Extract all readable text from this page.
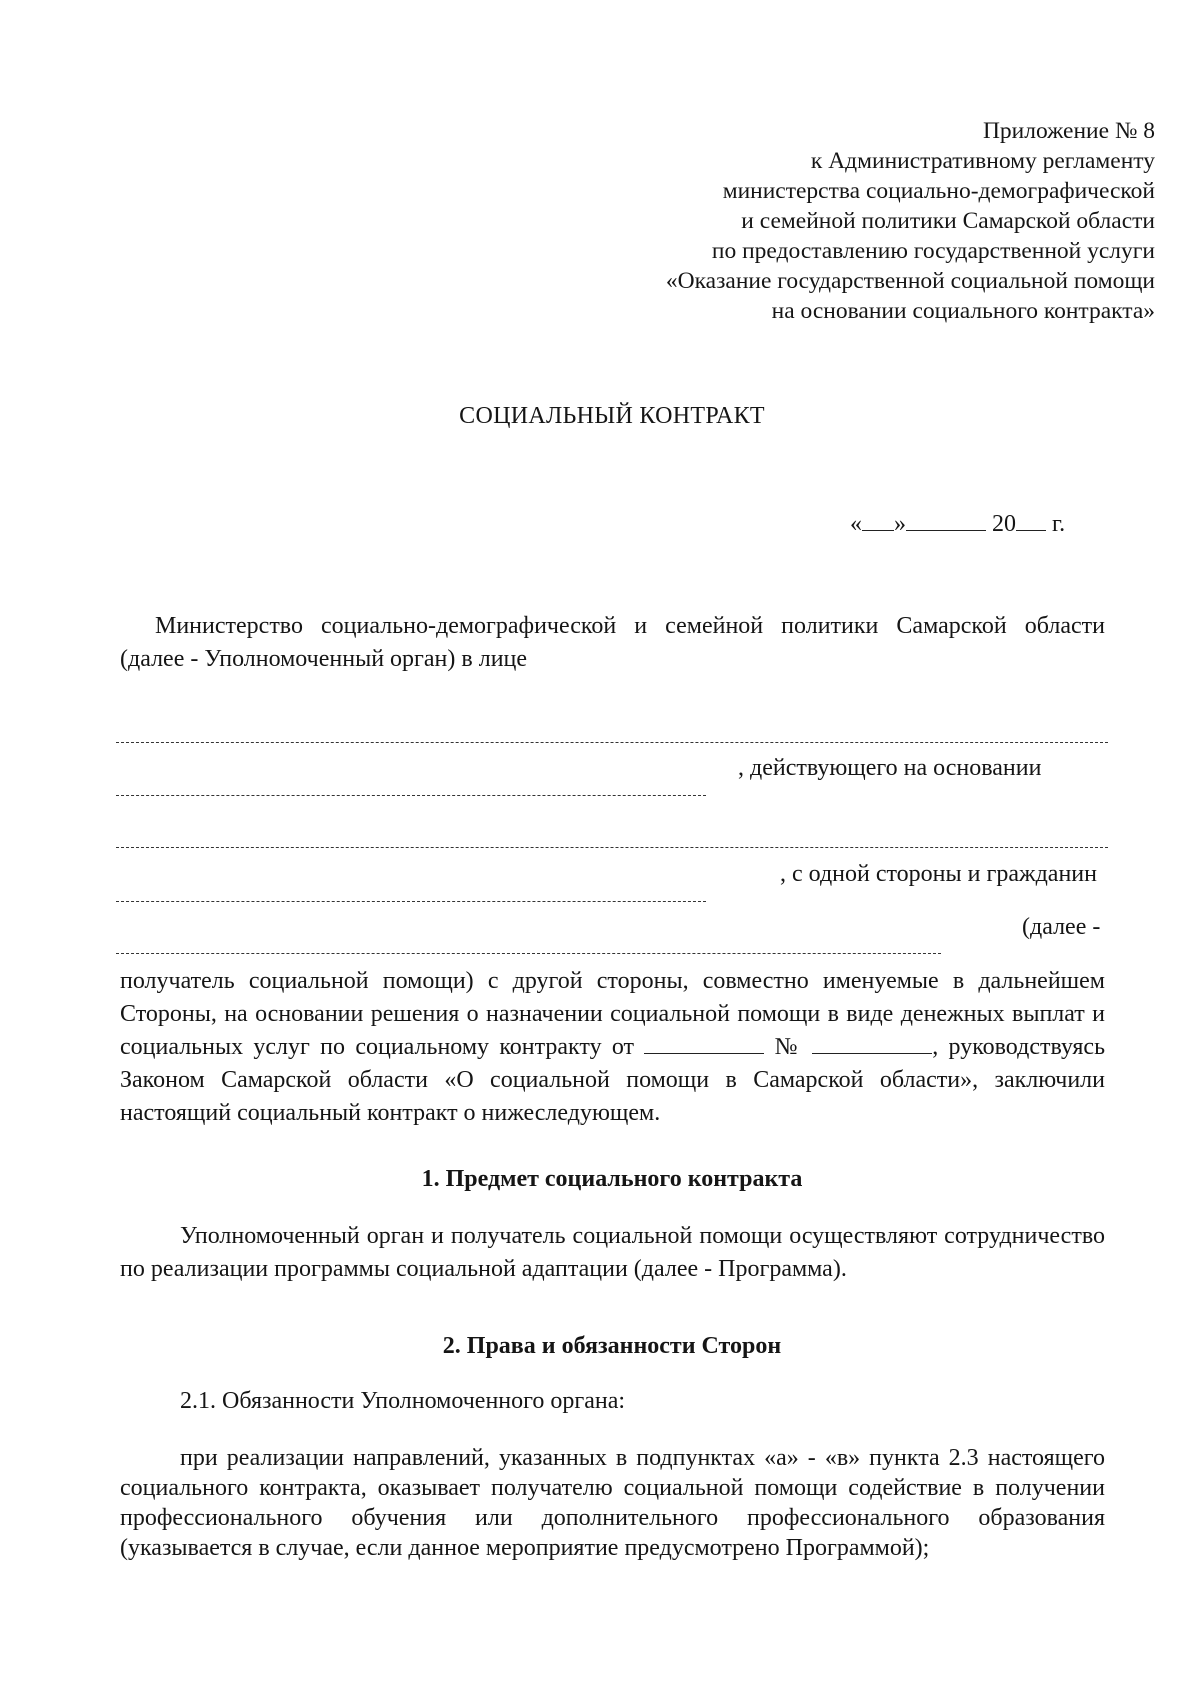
Приложение № 8
к Административному регламенту
министерства социально-демографической
и семейной политики Самарской области
по предоставлению государственной услуги
«Оказание государственной социальной помощи
на основании социального контракта»
СОЦИАЛЬНЫЙ КОНТРАКТ
« »	20 г.
Министерство социально-демографической и семейной политики Самарской области
(далее - Уполномоченный орган) в лице
, действующего на основании
, с одной стороны и гражданин
(далее -
получатель социальной помощи) с другой стороны, совместно именуемые в дальнейшем Стороны, на основании решения о назначении социальной помощи в виде денежных выплат и социальных услуг по социальному контракту от	№	, руководствуясь Законом Самарской области «О социальной помощи в Самарской области», заключили настоящий социальный контракт о нижеследующем.
1. Предмет социального контракта
Уполномоченный орган и получатель социальной помощи осуществляют сотрудничество по реализации программы социальной адаптации (далее - Программа).
2. Права и обязанности Сторон
2.1. Обязанности Уполномоченного органа:
при реализации направлений, указанных в подпунктах «а» - «в» пункта 2.3 настоящего социального контракта, оказывает получателю социальной помощи содействие в получении профессионального обучения или дополнительного профессионального образования (указывается в случае, если данное мероприятие предусмотрено Программой);
